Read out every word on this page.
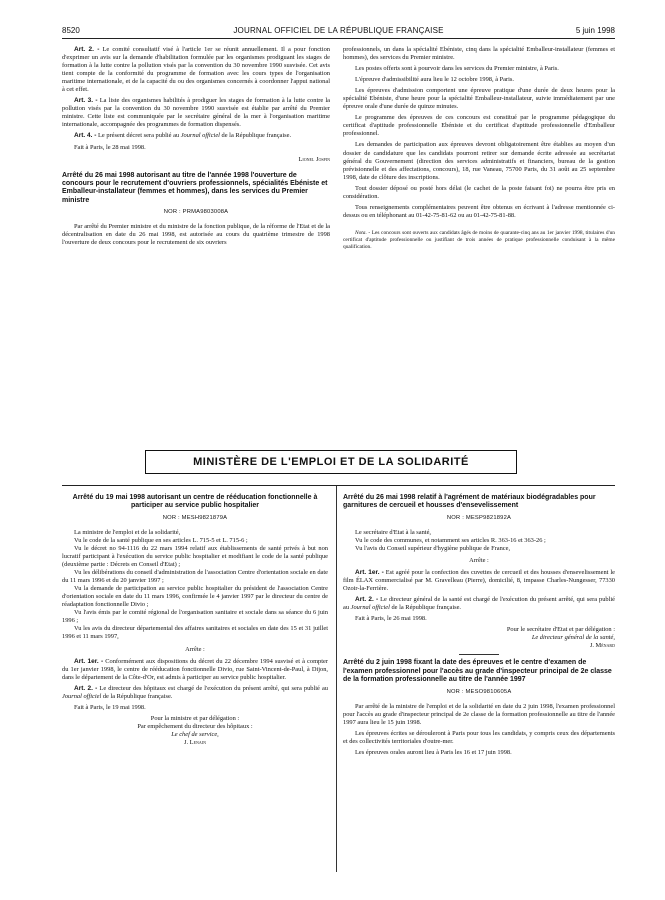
8520	JOURNAL OFFICIEL DE LA RÉPUBLIQUE FRANÇAISE	5 juin 1998

Art. 2. - Le comité consultatif visé à l'article 1er se réunit annuellement. Il a pour fonction d'exprimer un avis sur la demande d'habilitation formulée par les organismes prodiguant les stages de formation à la lutte contre la pollution visés par la convention du 30 novembre 1990 susvisée. Cet avis tient compte de la conformité du programme de formation avec les cours types de l'organisation maritime internationale, et de la capacité du ou des organismes concernés à coordonner l'appui national à cet effet.

Art. 3. - La liste des organismes habilités à prodiguer les stages de formation à la lutte contre la pollution visés par la convention du 30 novembre 1990 susvisée est établie par arrêté du Premier ministre. Cette liste est communiquée par le secrétaire général de la mer à l'organisation maritime internationale, accompagnée des programmes de formation dispensés.

Art. 4. - Le présent décret sera publié au Journal officiel de la République française.

Fait à Paris, le 28 mai 1998.

Lionel Jospin

Arrêté du 26 mai 1998 autorisant au titre de l'année 1998 l'ouverture de concours pour le recrutement d'ouvriers professionnels, spécialités Ebéniste et Emballeur-installateur (femmes et hommes), dans les services du Premier ministre
NOR : PRMA9803008A

Par arrêté du Premier ministre et du ministre de la fonction publique, de la réforme de l'Etat et de la décentralisation en date du 26 mai 1998, est autorisée au cours du quatrième trimestre de 1998 l'ouverture de deux concours pour le recrutement de six ouvriers

professionnels, un dans la spécialité Ebéniste, cinq dans la spécialité Emballeur-installateur (femmes et hommes), des services du Premier ministre.

Les postes offerts sont à pourvoir dans les services du Premier ministre, à Paris.

L'épreuve d'admissibilité aura lieu le 12 octobre 1998, à Paris.

Les épreuves d'admission comportent une épreuve pratique d'une durée de deux heures pour la spécialité Ebéniste, d'une heure pour la spécialité Emballeur-installateur, suivie immédiatement par une épreuve orale d'une durée de quinze minutes.

Le programme des épreuves de ces concours est constitué par le programme pédagogique du certificat d'aptitude professionnelle Ebéniste et du certificat d'aptitude professionnelle d'Emballeur professionnel.

Les demandes de participation aux épreuves devront obligatoirement être établies au moyen d'un dossier de candidature que les candidats pourront retirer sur demande écrite adressée au secrétariat général du Gouvernement (direction des services administratifs et financiers, bureau de la gestion prévisionnelle et des affectations, concours), 18, rue Vaneau, 75700 Paris, du 31 août au 25 septembre 1998, date de clôture des inscriptions.

Tout dossier déposé ou posté hors délai (le cachet de la poste faisant foi) ne pourra être pris en considération.

Tous renseignements complémentaires peuvent être obtenus en écrivant à l'adresse mentionnée ci-dessus ou en téléphonant au 01-42-75-81-62 ou au 01-42-75-81-88.

Nota. - Les concours sont ouverts aux candidats âgés de moins de quarante-cinq ans au 1er janvier 1998, titulaires d'un certificat d'aptitude professionnelle ou justifiant de trois années de pratique professionnelle conduisant à la même qualification.

MINISTÈRE DE L'EMPLOI ET DE LA SOLIDARITÉ
Arrêté du 19 mai 1998 autorisant un centre de rééducation fonctionnelle à participer au service public hospitalier
NOR : MESH9821879A

La ministre de l'emploi et de la solidarité,

Vu le code de la santé publique en ses articles L. 715-5 et L. 715-6 ;

Vu le décret no 94-1116 du 22 mars 1994 relatif aux établissements de santé privés à but non lucratif participant à l'exécution du service public hospitalier et modifiant le code de la santé publique (deuxième partie : Décrets en Conseil d'Etat) ;

Vu les délibérations du conseil d'administration de l'association Centre d'orientation sociale en date du 11 mars 1996 et du 20 janvier 1997 ;

Vu la demande de participation au service public hospitalier du président de l'association Centre d'orientation sociale en date du 11 mars 1996, confirmée le 4 janvier 1997 par le directeur du centre de réadaptation fonctionnelle Divio ;

Vu l'avis émis par le comité régional de l'organisation sanitaire et sociale dans sa séance du 6 juin 1996 ;

Vu les avis du directeur départemental des affaires sanitaires et sociales en date des 15 et 31 juillet 1996 et 11 mars 1997,

Arrête :

Art. 1er. - Conformément aux dispositions du décret du 22 décembre 1994 susvisé et à compter du 1er janvier 1998, le centre de rééducation fonctionnelle Divio, rue Saint-Vincent-de-Paul, à Dijon, dans le département de la Côte-d'Or, est admis à participer au service public hospitalier.

Art. 2. - Le directeur des hôpitaux est chargé de l'exécution du présent arrêté, qui sera publié au Journal officiel de la République française.

Fait à Paris, le 19 mai 1998.

Pour la ministre et par délégation :

Par empêchement du directeur des hôpitaux :

Le chef de service,

J. Lenain

Arrêté du 26 mai 1998 relatif à l'agrément de matériaux biodégradables pour garnitures de cercueil et housses d'ensevelissement
NOR : MESP9821892A

Le secrétaire d'Etat à la santé,

Vu le code des communes, et notamment ses articles R. 363-16 et 363-26 ;

Vu l'avis du Conseil supérieur d'hygiène publique de France,

Arrête :

Art. 1er. - Est agréé pour la confection des cuvettes de cercueil et des housses d'ensevelissement le film ÉLAX commercialisé par M. Gravelleau (Pierre), domicilié, 8, impasse Charles-Nungesser, 77330 Ozoir-la-Ferrière.

Art. 2. - Le directeur général de la santé est chargé de l'exécution du présent arrêté, qui sera publié au Journal officiel de la République française.

Fait à Paris, le 26 mai 1998.

Pour le secrétaire d'Etat et par délégation :

Le directeur général de la santé,

J. Ménard

Arrêté du 2 juin 1998 fixant la date des épreuves et le centre d'examen de l'examen professionnel pour l'accès au grade d'inspecteur principal de 2e classe de la formation professionnelle au titre de l'année 1997
NOR : MESO9810605A

Par arrêté de la ministre de l'emploi et de la solidarité en date du 2 juin 1998, l'examen professionnel pour l'accès au grade d'inspecteur principal de 2e classe de la formation professionnelle au titre de l'année 1997 aura lieu le 15 juin 1998.

Les épreuves écrites se dérouleront à Paris pour tous les candidats, y compris ceux des départements et des collectivités territoriales d'outre-mer.

Les épreuves orales auront lieu à Paris les 16 et 17 juin 1998.
